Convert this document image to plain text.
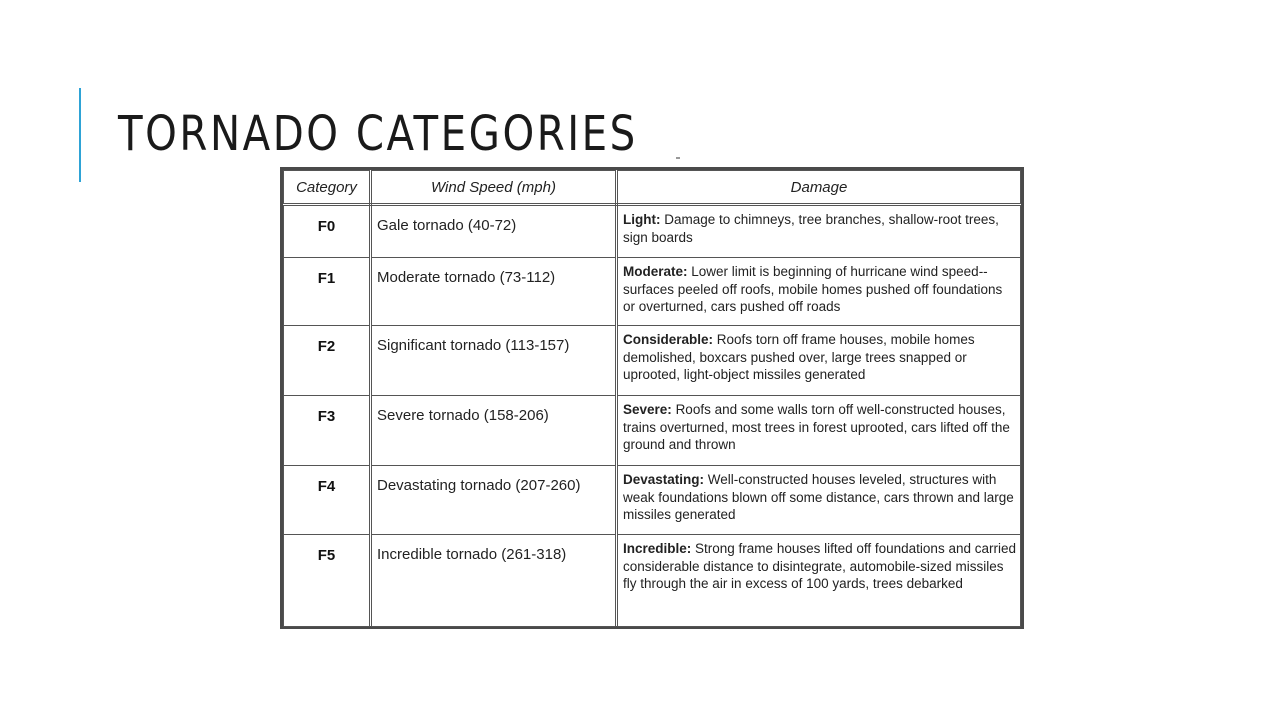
TORNADO CATEGORIES
Category	Wind Speed (mph)	Damage
F0	Gale tornado (40-72)	Light: Damage to chimneys, tree branches, shallow-root trees, sign boards
F1	Moderate tornado (73-112)	Moderate: Lower limit is beginning of hurricane wind speed--surfaces peeled off roofs, mobile homes pushed off foundations or overturned, cars pushed off roads
F2	Significant tornado (113-157)	Considerable: Roofs torn off frame houses, mobile homes demolished, boxcars pushed over, large trees snapped or uprooted, light-object missiles generated
F3	Severe tornado (158-206)	Severe: Roofs and some walls torn off well-constructed houses, trains overturned, most trees in forest uprooted, cars lifted off the ground and thrown
F4	Devastating tornado (207-260)	Devastating: Well-constructed houses leveled, structures with weak foundations blown off some distance, cars thrown and large missiles generated
F5	Incredible tornado (261-318)	Incredible: Strong frame houses lifted off foundations and carried considerable distance to disintegrate, automobile-sized missiles fly through the air in excess of 100 yards, trees debarked
